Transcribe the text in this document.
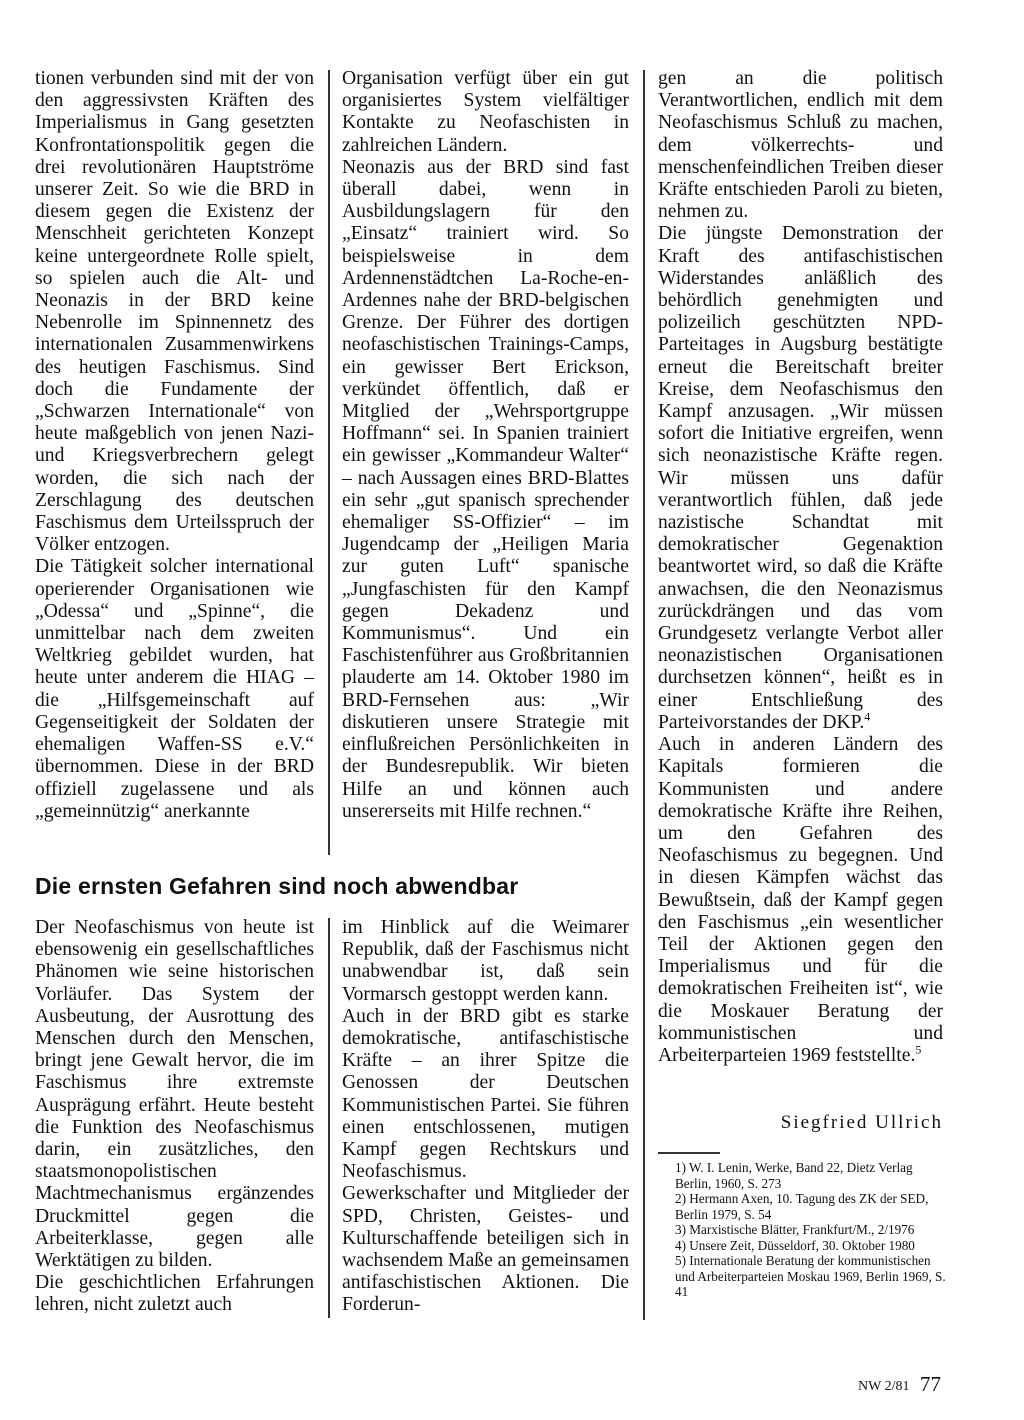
tionen verbunden sind mit der von den aggressivsten Kräften des Imperialismus in Gang gesetzten Konfrontationspolitik gegen die drei revolutionären Hauptströme unserer Zeit. So wie die BRD in diesem gegen die Existenz der Menschheit gerichteten Konzept keine untergeordnete Rolle spielt, so spielen auch die Alt- und Neonazis in der BRD keine Nebenrolle im Spinnennetz des internationalen Zusammenwirkens des heutigen Faschismus. Sind doch die Fundamente der „Schwarzen Internationale“ von heute maßgeblich von jenen Nazi- und Kriegsverbrechern gelegt worden, die sich nach der Zerschlagung des deutschen Faschismus dem Urteilsspruch der Völker entzogen.

Die Tätigkeit solcher international operierender Organisationen wie „Odessa“ und „Spinne“, die unmittelbar nach dem zweiten Weltkrieg gebildet wurden, hat heute unter anderem die HIAG – die „Hilfsgemeinschaft auf Gegenseitigkeit der Soldaten der ehemaligen Waffen-SS e.V.“ übernommen. Diese in der BRD offiziell zugelassene und als „gemeinnützig“ anerkannte

Organisation verfügt über ein gut organisiertes System vielfältiger Kontakte zu Neofaschisten in zahlreichen Ländern.

Neonazis aus der BRD sind fast überall dabei, wenn in Ausbildungslagern für den „Einsatz“ trainiert wird. So beispielsweise in dem Ardennenstädtchen La-Roche-en-Ardennes nahe der BRD-belgischen Grenze. Der Führer des dortigen neofaschistischen Trainings-Camps, ein gewisser Bert Erickson, verkündet öffentlich, daß er Mitglied der „Wehrsportgruppe Hoffmann“ sei. In Spanien trainiert ein gewisser „Kommandeur Walter“ – nach Aussagen eines BRD-Blattes ein sehr „gut spanisch sprechender ehemaliger SS-Offizier“ – im Jugendcamp der „Heiligen Maria zur guten Luft“ spanische „Jungfaschisten für den Kampf gegen Dekadenz und Kommunismus“. Und ein Faschistenführer aus Großbritannien plauderte am 14. Oktober 1980 im BRD-Fernsehen aus: „Wir diskutieren unsere Strategie mit einflußreichen Persönlichkeiten in der Bundesrepublik. Wir bieten Hilfe an und können auch unsererseits mit Hilfe rechnen.“

gen an die politisch Verantwortlichen, endlich mit dem Neofaschismus Schluß zu machen, dem völkerrechts- und menschenfeindlichen Treiben dieser Kräfte entschieden Paroli zu bieten, nehmen zu.

Die jüngste Demonstration der Kraft des antifaschistischen Widerstandes anläßlich des behördlich genehmigten und polizeilich geschützten NPD-Parteitages in Augsburg bestätigte erneut die Bereitschaft breiter Kreise, dem Neofaschismus den Kampf anzusagen. „Wir müssen sofort die Initiative ergreifen, wenn sich neonazistische Kräfte regen. Wir müssen uns dafür verantwortlich fühlen, daß jede nazistische Schandtat mit demokratischer Gegenaktion beantwortet wird, so daß die Kräfte anwachsen, die den Neonazismus zurückdrängen und das vom Grundgesetz verlangte Verbot aller neonazistischen Organisationen durchsetzen können“, heißt es in einer Entschließung des Parteivorstandes der DKP.$^4$

Auch in anderen Ländern des Kapitals formieren die Kommunisten und andere demokratische Kräfte ihre Reihen, um den Gefahren des Neofaschismus zu begegnen. Und in diesen Kämpfen wächst das Bewußtsein, daß der Kampf gegen den Faschismus „ein wesentlicher Teil der Aktionen gegen den Imperialismus und für die demokratischen Freiheiten ist“, wie die Moskauer Beratung der kommunistischen und Arbeiterparteien 1969 feststellte.$^5$

Siegfried Ullrich

1) W. I. Lenin, Werke, Band 22, Dietz Verlag Berlin, 1960, S. 273

2) Hermann Axen, 10. Tagung des ZK der SED, Berlin 1979, S. 54

3) Marxistische Blätter, Frankfurt/M., 2/1976

4) Unsere Zeit, Düsseldorf, 30. Oktober 1980

5) Internationale Beratung der kommunistischen und Arbeiterparteien Moskau 1969, Berlin 1969, S. 41

Die ernsten Gefahren sind noch abwendbar

Der Neofaschismus von heute ist ebensowenig ein gesellschaftliches Phänomen wie seine historischen Vorläufer. Das System der Ausbeutung, der Ausrottung des Menschen durch den Menschen, bringt jene Gewalt hervor, die im Faschismus ihre extremste Ausprägung erfährt. Heute besteht die Funktion des Neofaschismus darin, ein zusätzliches, den staatsmonopolistischen Machtmechanismus ergänzendes Druckmittel gegen die Arbeiterklasse, gegen alle Werktätigen zu bilden.

Die geschichtlichen Erfahrungen lehren, nicht zuletzt auch

im Hinblick auf die Weimarer Republik, daß der Faschismus nicht unabwendbar ist, daß sein Vormarsch gestoppt werden kann.

Auch in der BRD gibt es starke demokratische, antifaschistische Kräfte – an ihrer Spitze die Genossen der Deutschen Kommunistischen Partei. Sie führen einen entschlossenen, mutigen Kampf gegen Rechtskurs und Neofaschismus.

Gewerkschafter und Mitglieder der SPD, Christen, Geistes- und Kulturschaffende beteiligen sich in wachsendem Maße an gemeinsamen antifaschistischen Aktionen. Die Forderun-

NW 2/81 77
